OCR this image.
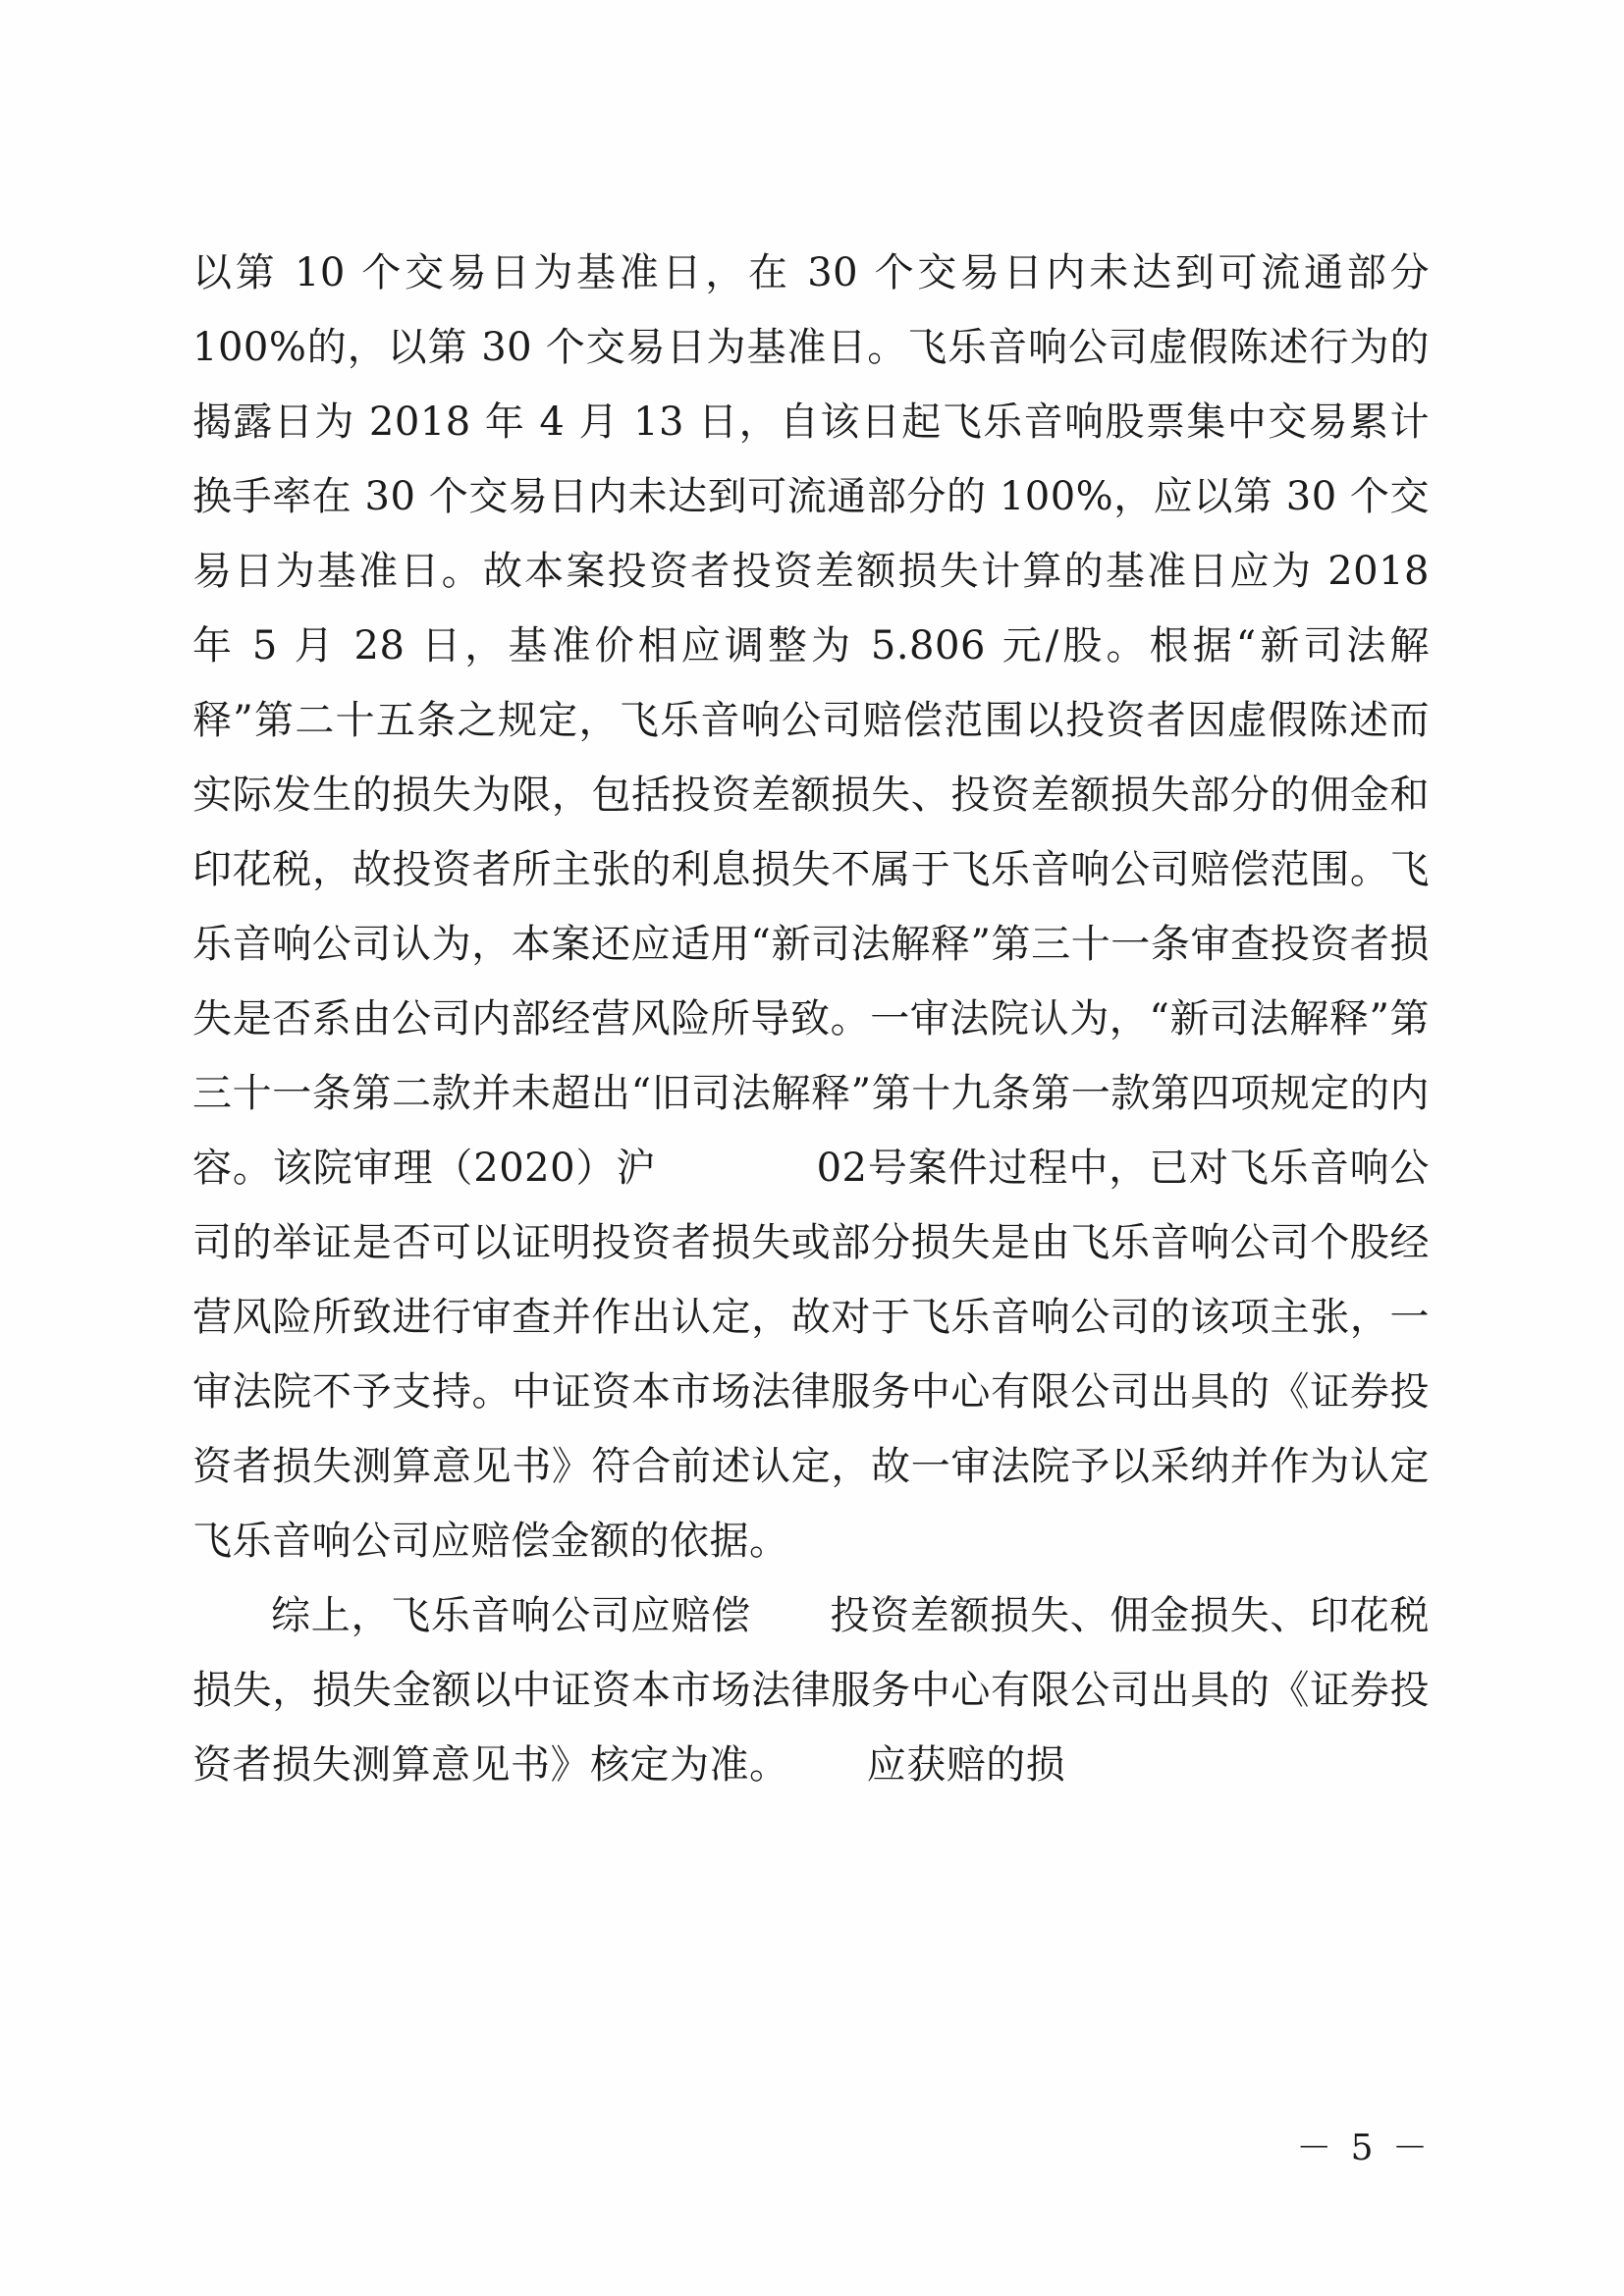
以第 10 个交易日为基准日，在 30 个交易日内未达到可流通部分 100%的，以第 30 个交易日为基准日。飞乐音响公司虚假陈述行为的揭露日为 2018 年 4 月 13 日，自该日起飞乐音响股票集中交易累计换手率在 30 个交易日内未达到可流通部分的 100%，应以第 30 个交易日为基准日。故本案投资者投资差额损失计算的基准日应为 2018 年 5 月 28 日，基准价相应调整为 5.806 元/股。根据“新司法解释”第二十五条之规定，飞乐音响公司赔偿范围以投资者因虚假陈述而实际发生的损失为限，包括投资差额损失、投资差额损失部分的佣金和印花税，故投资者所主张的利息损失不属于飞乐音响公司赔偿范围。飞乐音响公司认为，本案还应适用“新司法解释”第三十一条审查投资者损失是否系由公司内部经营风险所导致。一审法院认为，“新司法解释”第三十一条第二款并未超出“旧司法解释”第十九条第一款第四项规定的内容。该院审理（2020）沪            02号案件过程中，已对飞乐音响公司的举证是否可以证明投资者损失或部分损失是由飞乐音响公司个股经营风险所致进行审查并作出认定，故对于飞乐音响公司的该项主张，一审法院不予支持。中证资本市场法律服务中心有限公司出具的《证券投资者损失测算意见书》符合前述认定，故一审法院予以采纳并作为认定飞乐音响公司应赔偿金额的依据。

综上，飞乐音响公司应赔偿      投资差额损失、佣金损失、印花税损失，损失金额以中证资本市场法律服务中心有限公司出具的《证券投资者损失测算意见书》核定为准。      应获赔的损

－ 5 －
